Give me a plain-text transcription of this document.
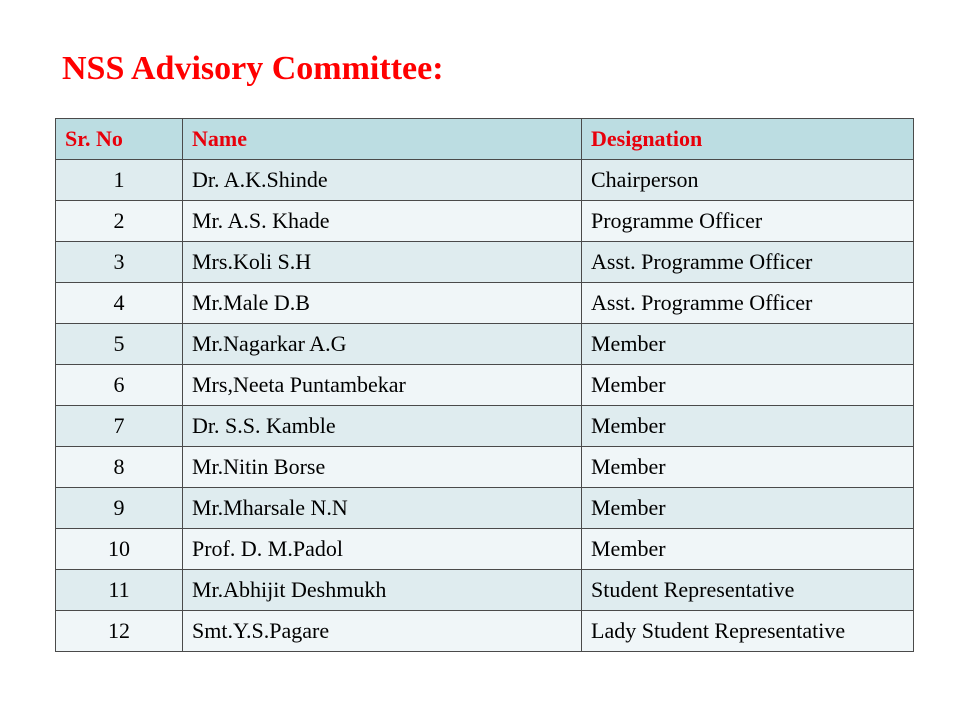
NSS Advisory Committee:
Sr. No	Name	Designation
1	Dr. A.K.Shinde	Chairperson
2	Mr. A.S. Khade	Programme Officer
3	Mrs.Koli S.H	Asst. Programme Officer
4	Mr.Male D.B	Asst. Programme Officer
5	Mr.Nagarkar A.G	Member
6	Mrs,Neeta Puntambekar	Member
7	Dr. S.S. Kamble	Member
8	Mr.Nitin Borse	Member
9	Mr.Mharsale N.N	Member
10	Prof. D. M.Padol	Member
11	Mr.Abhijit Deshmukh	Student Representative
12	Smt.Y.S.Pagare	Lady Student Representative
